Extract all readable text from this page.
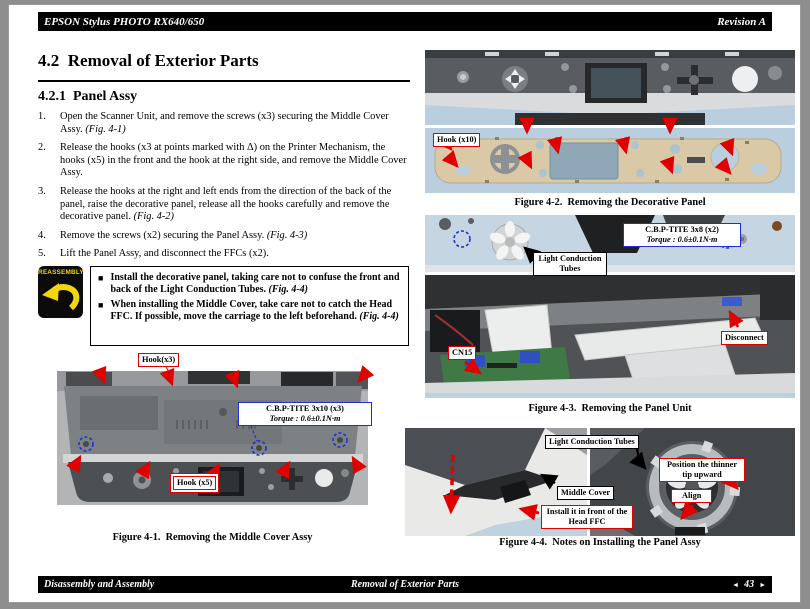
EPSON Stylus PHOTO RX640/650	Revision A
4.2  Removal of Exterior Parts
4.2.1  Panel Assy
1.	Open the Scanner Unit, and remove the screws (x3) securing the Middle Cover Assy. (Fig. 4-1)
2.	Release the hooks (x3 at points marked with Δ) on the Printer Mechanism, the hooks (x5) in the front and the hook at the right side, and remove the Middle Cover Assy.
3.	Release the hooks at the right and left ends from the direction of the back of the panel, raise the decorative panel, release all the hooks carefully and remove the decorative panel. (Fig. 4-2)
4.	Remove the screws (x2) securing the Panel Assy. (Fig. 4-3)
5.	Lift the Panel Assy, and disconnect the FFCs (x2).
REASSEMBLY
■ Install the decorative panel, taking care not to confuse the front and back of the Light Conduction Tubes. (Fig. 4-4)
■ When installing the Middle Cover, take care not to catch the Head FFC. If possible, move the carriage to the left beforehand. (Fig. 4-4)
Hook(x3)
C.B.P-TITE 3x10 (x3)
Torque : 0.6±0.1N·m
Hook (x5)
Figure 4-1.  Removing the Middle Cover Assy
Hook (x10)
Figure 4-2.  Removing the Decorative Panel
C.B.P-TITE 3x8 (x2)
Torque : 0.6±0.1N·m
Light Conduction Tubes
CN15
Disconnect
Figure 4-3.  Removing the Panel Unit
Light Conduction Tubes
Middle Cover
Install it in front of the Head FFC
Position the thinner tip upward
Align
Figure 4-4.  Notes on Installing the Panel Assy
Disassembly and Assembly	Removal of Exterior Parts	◄ 43 ►
